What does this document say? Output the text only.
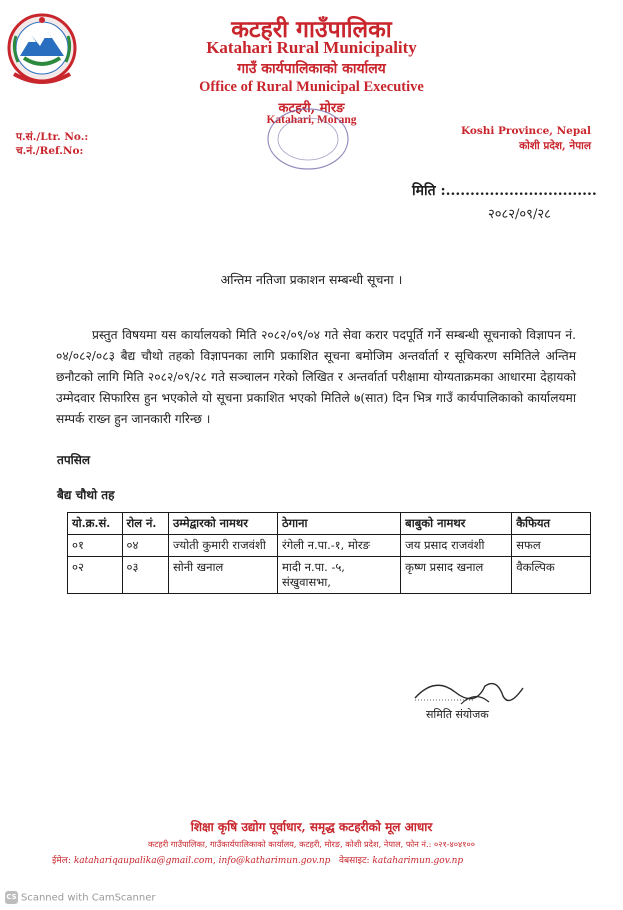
कटहरी गाउँपालिका
Katahari Rural Municipality
गाउँ कार्यपालिकाको कार्यालय
Office of Rural Municipal Executive
कटहरी, मोरङ
Katahari, Morang
प.सं./Ltr. No.:
च.नं./Ref.No:
Koshi Province, Nepal
कोशी प्रदेश, नेपाल
मिति :...............................
२०८२/०९/२८
अन्तिम नतिजा प्रकाशन सम्बन्धी सूचना ।
प्रस्तुत विषयमा यस कार्यालयको मिति २०८२/०९/०४ गते सेवा करार पदपूर्ति गर्ने सम्बन्धी सूचनाको विज्ञापन नं. ०४/०८२/०८३ बैद्य चौथो तहको विज्ञापनका लागि प्रकाशित सूचना बमोजिम अन्तर्वार्ता र सूचिकरण समितिले अन्तिम छनौटको लागि मिति २०८२/०९/२८ गते सञ्चालन गरेको लिखित र अन्तर्वार्ता परीक्षामा योग्यताक्रमका आधारमा देहायको उम्मेदवार सिफारिस हुन भएकोले यो सूचना प्रकाशित भएको मितिले ७(सात) दिन भित्र गाउँ कार्यपालिकाको कार्यालयमा सम्पर्क राख्न हुन जानकारी गरिन्छ ।
तपसिल
बैद्य चौथो तह
यो.क्र.सं.	रोल नं.	उम्मेद्वारको नामथर	ठेगाना	बाबुको नामथर	कैफियत
०१	०४	ज्योती कुमारी राजवंशी	रंगेली न.पा.-१, मोरङ	जय प्रसाद राजवंशी	सफल
०२	०३	सोनी खनाल	मादी न.पा. -५, संखुवासभा,	कृष्ण प्रसाद खनाल	वैकल्पिक
समिति संयोजक
शिक्षा कृषि उद्योग पूर्वाधार, समृद्ध कटहरीको मूल आधार
कटहरी गाउँपालिका, गाउँकार्यपालिकाको कार्यालय, कटहरी, मोरङ, कोशी प्रदेश, नेपाल, फोन नं.: ०२१-४०४१००
ईमेल: katahariqaupalika@gmail.com, info@katharimun.gov.np वेबसाइट: kataharimun.gov.np
CS Scanned with CamScanner
